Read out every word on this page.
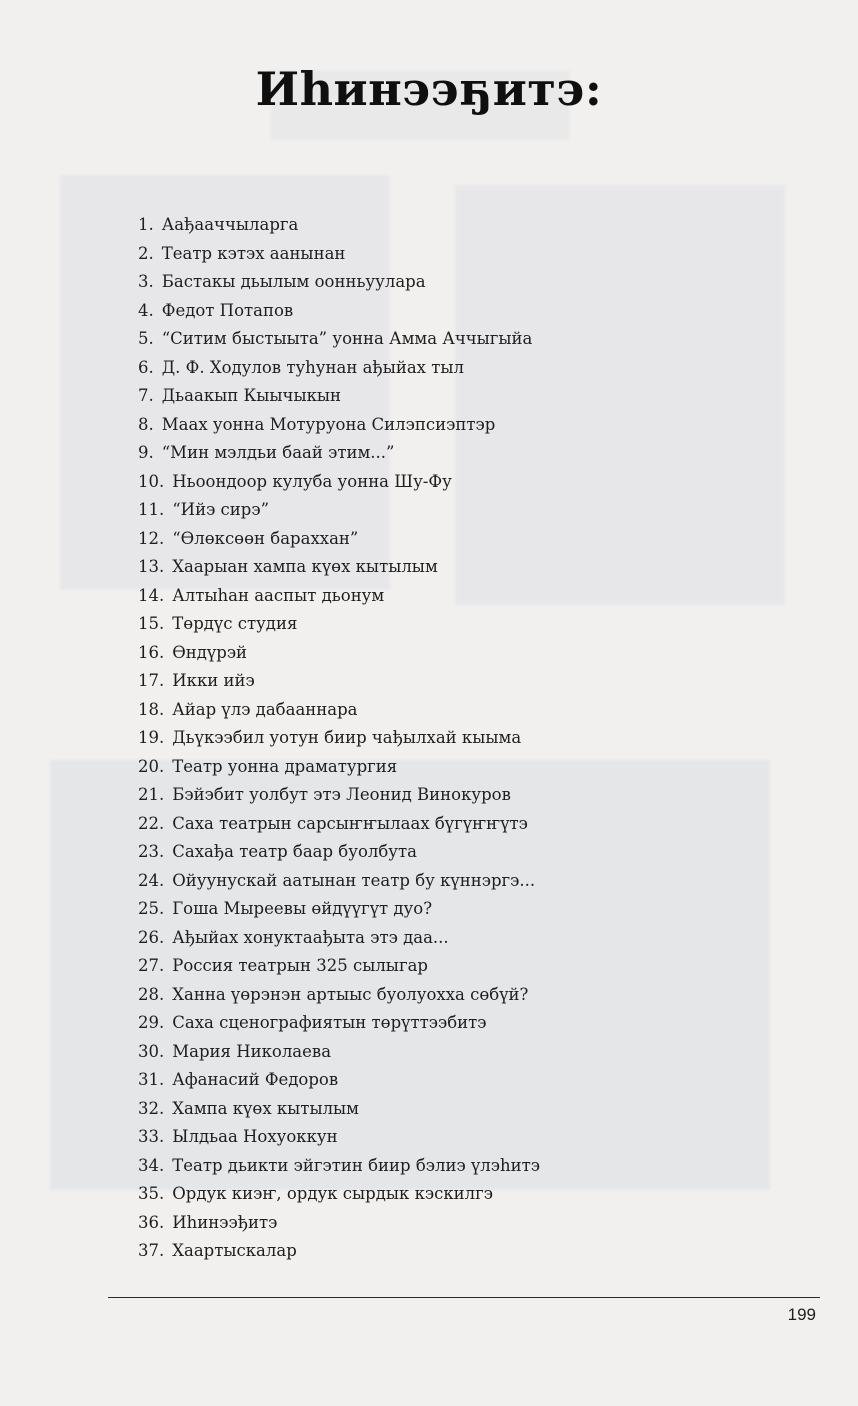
Иһинээҕитэ:
1. Аађааччыларга
2. Театр кэтэх аанынан
3. Бастакы дьылым оонньуулара
4. Федот Потапов
5. “Ситим быстыыта” уонна Амма Аччыгыйа
6. Д. Ф. Ходулов туһунан ађыйах тыл
7. Дьаакып Кыычыкын
8. Маах уонна Мотуруона Силэпсиэптэр
9. “Мин мэлдьи баай этим...”
10. Ньоондоор кулуба уонна Шу-Фу
11. “Ийэ сирэ”
12. “Өлөксөөн бараххан”
13. Хаарыан хампа күөх кытылым
14. Алтыһан ааспыт дьонум
15. Төрдүс студия
16. Өндүрэй
17. Икки ийэ
18. Айар үлэ дабааннара
19. Дьүкээбил уотун биир чађылхай кыыма
20. Театр уонна драматургия
21. Бэйэбит уолбут этэ Леонид Винокуров
22. Саха театрын сарсыҥҥылаах бүгүҥҥүтэ
23. Сахађа театр баар буолбута
24. Ойуунускай аатынан театр бу күннэргэ...
25. Гоша Мыреевы өйдүүгүт дуо?
26. Ађыйах хонуктаађыта этэ даа...
27. Россия театрын 325 сылыгар
28. Ханна үөрэнэн артыыс буолуохха сөбүй?
29. Саха сценографиятын төрүттээбитэ
30. Мария Николаева
31. Афанасий Федоров
32. Хампа күөх кытылым
33. Ылдьаа Нохуоккун
34. Театр дьикти эйгэтин биир бэлиэ үлэһитэ
35. Ордук киэҥ, ордук сырдык кэскилгэ
36. Иһинээђитэ
37. Хаартыскалар
199
